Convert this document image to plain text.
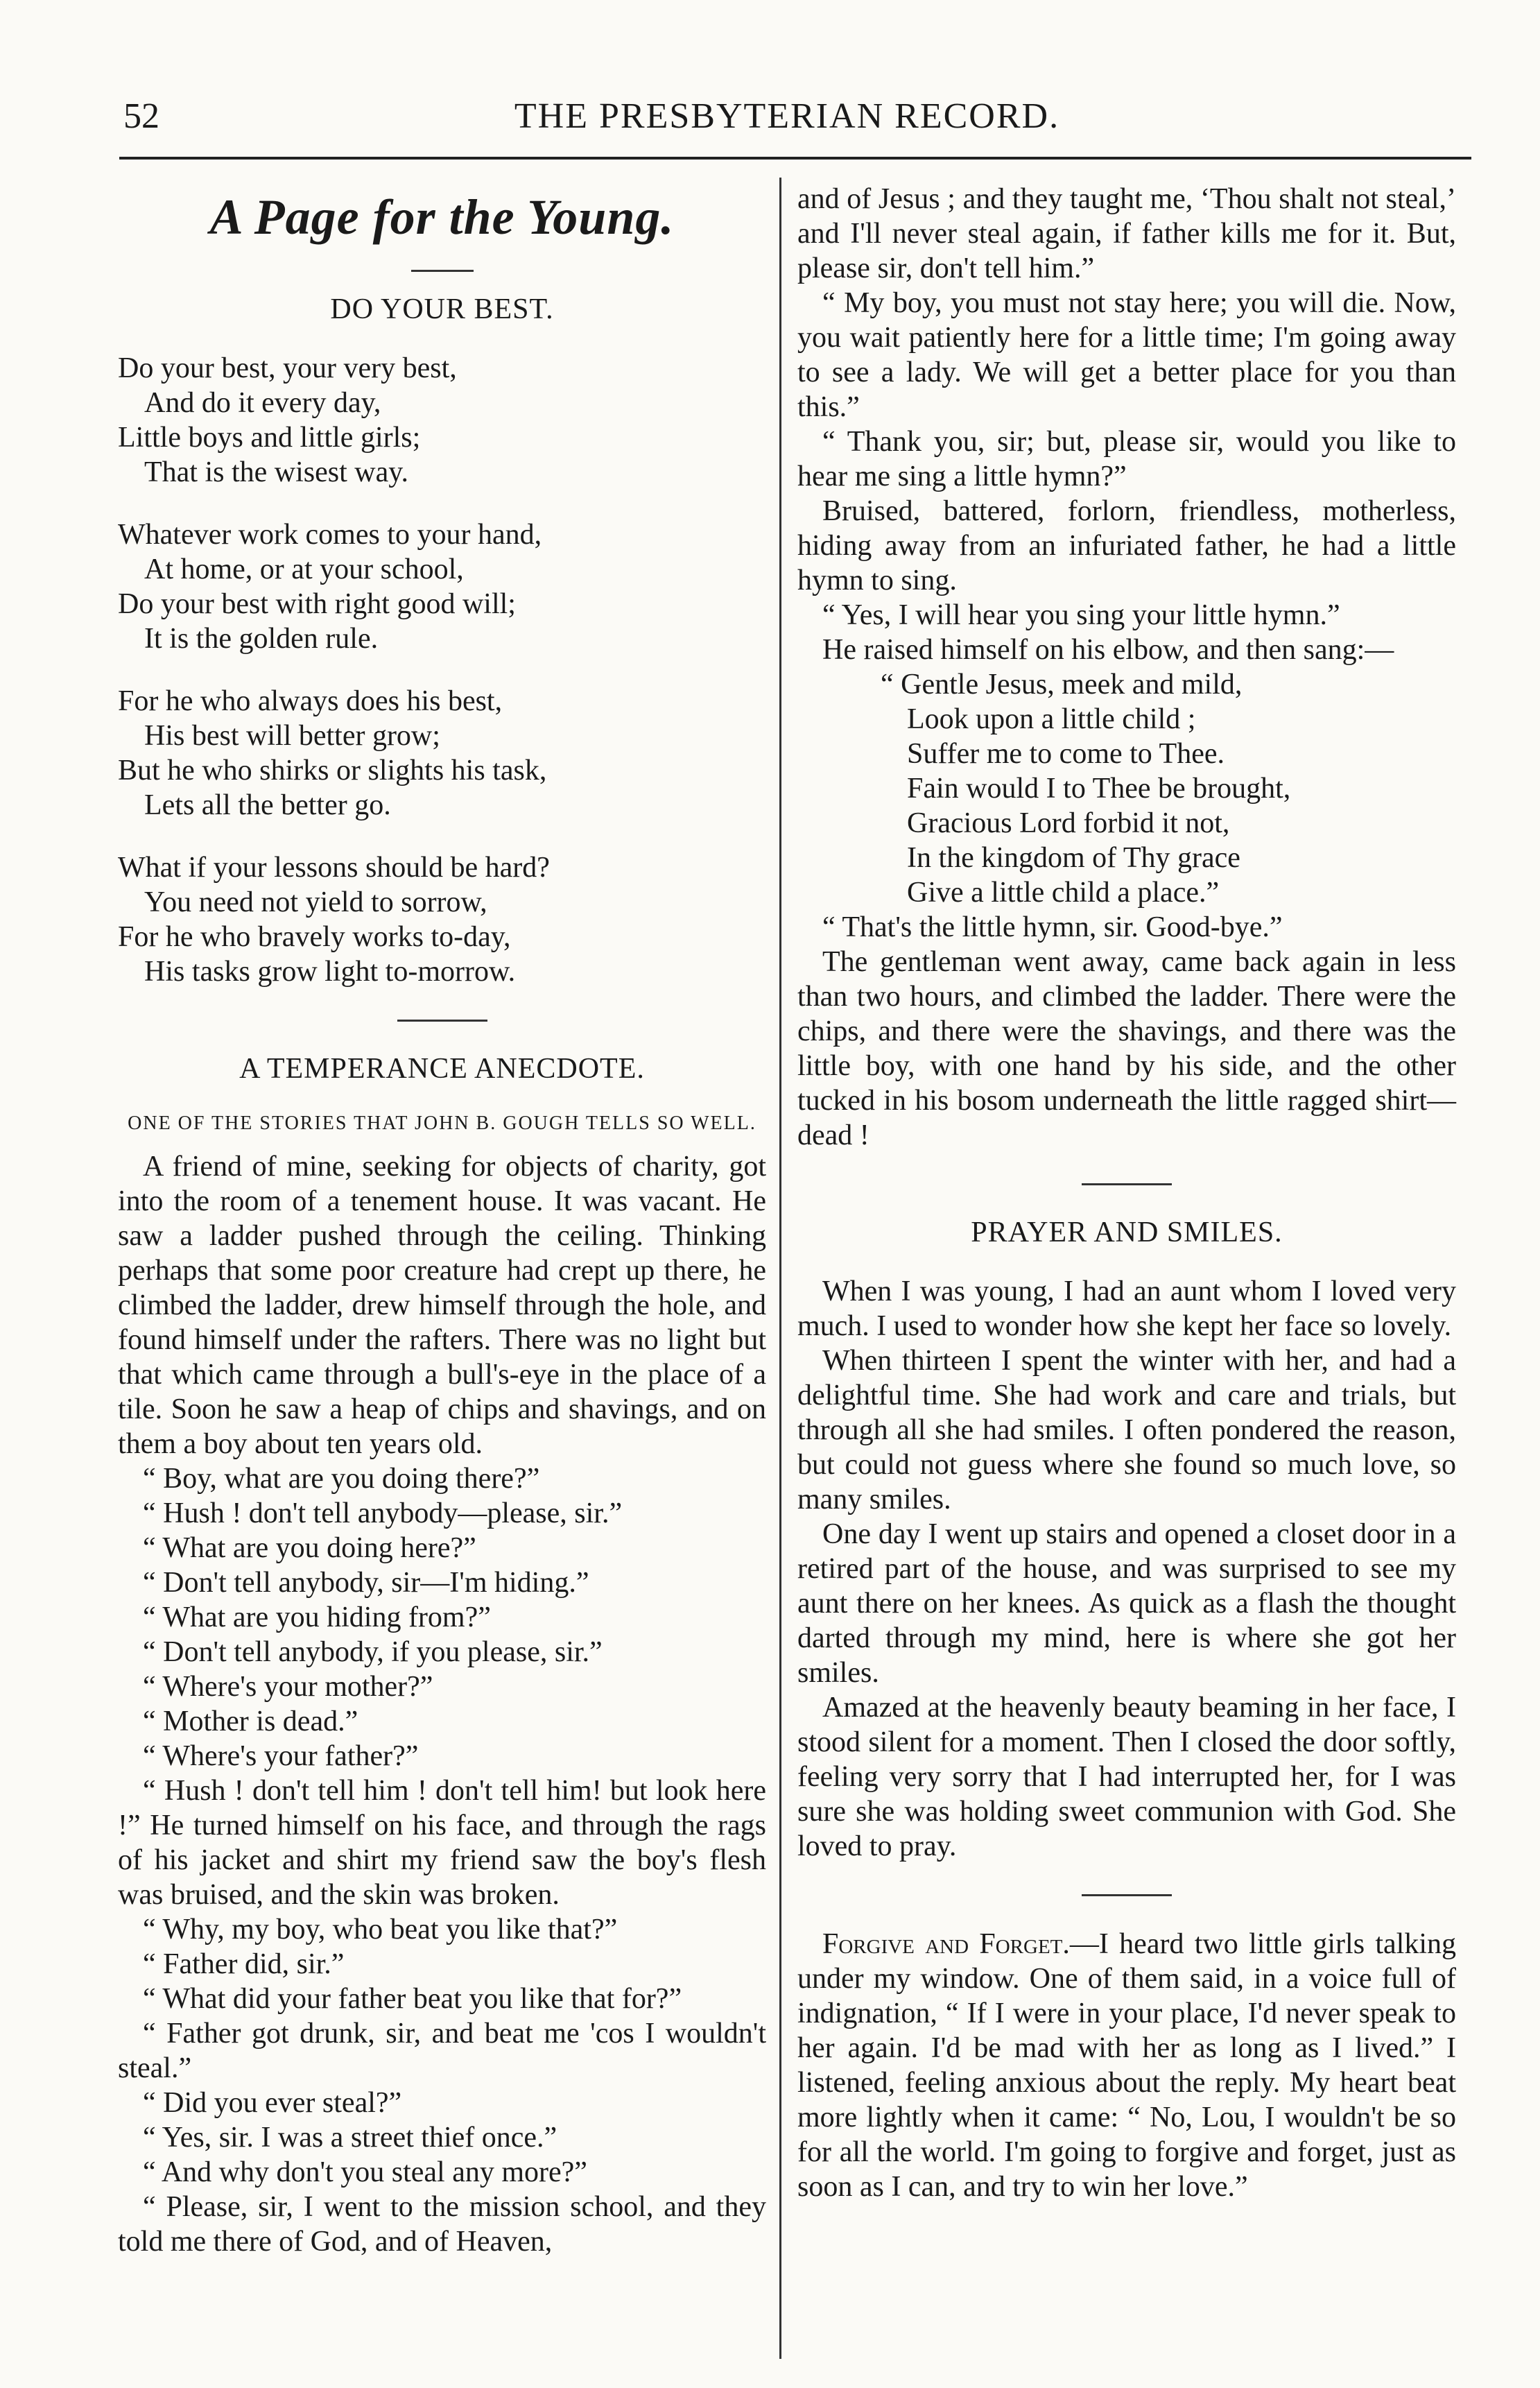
52	THE PRESBYTERIAN RECORD.
A Page for the Young.
DO YOUR BEST.
Do your best, your very best,
And do it every day,
Little boys and little girls;
That is the wisest way.
Whatever work comes to your hand,
At home, or at your school,
Do your best with right good will;
It is the golden rule.
For he who always does his best,
His best will better grow;
But he who shirks or slights his task,
Lets all the better go.
What if your lessons should be hard?
You need not yield to sorrow,
For he who bravely works to-day,
His tasks grow light to-morrow.
A TEMPERANCE ANECDOTE.
ONE OF THE STORIES THAT JOHN B. GOUGH TELLS SO WELL.

A friend of mine, seeking for objects of charity, got into the room of a tenement house. It was vacant. He saw a ladder pushed through the ceiling. Thinking perhaps that some poor creature had crept up there, he climbed the ladder, drew himself through the hole, and found himself under the rafters. There was no light but that which came through a bull's-eye in the place of a tile. Soon he saw a heap of chips and shavings, and on them a boy about ten years old.

“ Boy, what are you doing there?”

“ Hush ! don't tell anybody—please, sir.”

“ What are you doing here?”

“ Don't tell anybody, sir—I'm hiding.”

“ What are you hiding from?”

“ Don't tell anybody, if you please, sir.”

“ Where's your mother?”

“ Mother is dead.”

“ Where's your father?”

“ Hush ! don't tell him ! don't tell him! but look here !” He turned himself on his face, and through the rags of his jacket and shirt my friend saw the boy's flesh was bruised, and the skin was broken.

“ Why, my boy, who beat you like that?”

“ Father did, sir.”

“ What did your father beat you like that for?”

“ Father got drunk, sir, and beat me 'cos I wouldn't steal.”

“ Did you ever steal?”

“ Yes, sir. I was a street thief once.”

“ And why don't you steal any more?”

“ Please, sir, I went to the mission school, and they told me there of God, and of Heaven,

and of Jesus ; and they taught me, ‘Thou shalt not steal,’ and I'll never steal again, if father kills me for it. But, please sir, don't tell him.”

“ My boy, you must not stay here; you will die. Now, you wait patiently here for a little time; I'm going away to see a lady. We will get a better place for you than this.”

“ Thank you, sir; but, please sir, would you like to hear me sing a little hymn?”

Bruised, battered, forlorn, friendless, motherless, hiding away from an infuriated father, he had a little hymn to sing.

“ Yes, I will hear you sing your little hymn.”

He raised himself on his elbow, and then sang:—

“ Gentle Jesus, meek and mild,
Look upon a little child ;
Suffer me to come to Thee.
Fain would I to Thee be brought,
Gracious Lord forbid it not,
In the kingdom of Thy grace
Give a little child a place.”

“ That's the little hymn, sir. Good-bye.”

The gentleman went away, came back again in less than two hours, and climbed the ladder. There were the chips, and there were the shavings, and there was the little boy, with one hand by his side, and the other tucked in his bosom underneath the little ragged shirt—dead !

PRAYER AND SMILES.

When I was young, I had an aunt whom I loved very much. I used to wonder how she kept her face so lovely.

When thirteen I spent the winter with her, and had a delightful time. She had work and care and trials, but through all she had smiles. I often pondered the reason, but could not guess where she found so much love, so many smiles.

One day I went up stairs and opened a closet door in a retired part of the house, and was surprised to see my aunt there on her knees. As quick as a flash the thought darted through my mind, here is where she got her smiles.

Amazed at the heavenly beauty beaming in her face, I stood silent for a moment. Then I closed the door softly, feeling very sorry that I had interrupted her, for I was sure she was holding sweet communion with God. She loved to pray.

Forgive and Forget.—I heard two little girls talking under my window. One of them said, in a voice full of indignation, “ If I were in your place, I'd never speak to her again. I'd be mad with her as long as I lived.” I listened, feeling anxious about the reply. My heart beat more lightly when it came: “ No, Lou, I wouldn't be so for all the world. I'm going to forgive and forget, just as soon as I can, and try to win her love.”
